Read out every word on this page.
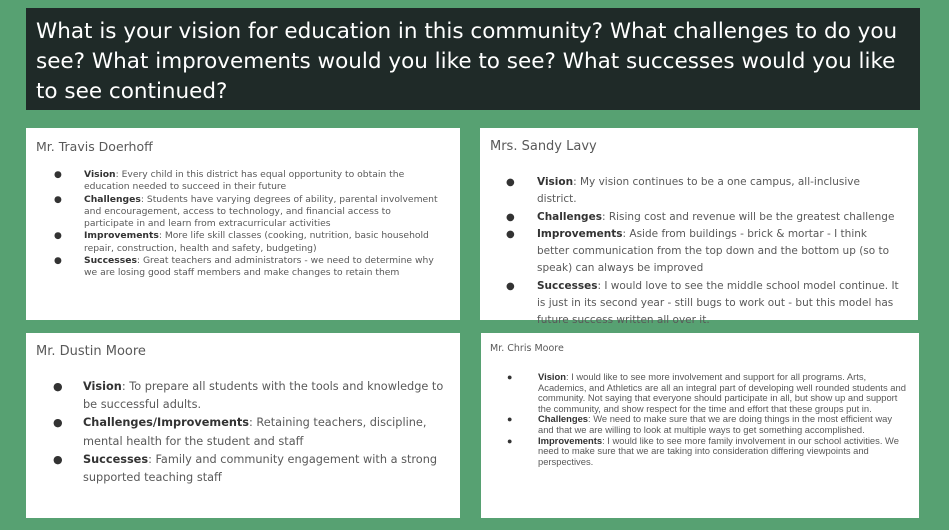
What is your vision for education in this community? What challenges to do you see? What improvements would you like to see? What successes would you like to see continued?

Mr. Travis Doerhoff

● Vision: Every child in this district has equal opportunity to obtain the education needed to succeed in their future
● Challenges: Students have varying degrees of ability, parental involvement and encouragement, access to technology, and financial access to participate in and learn from extracurricular activities
● Improvements: More life skill classes (cooking, nutrition, basic household repair, construction, health and safety, budgeting)
● Successes: Great teachers and administrators - we need to determine why we are losing good staff members and make changes to retain them

Mrs. Sandy Lavy

● Vision: My vision continues to be a one campus, all-inclusive district.
● Challenges: Rising cost and revenue will be the greatest challenge
● Improvements: Aside from buildings - brick & mortar - I think better communication from the top down and the bottom up (so to speak) can always be improved
● Successes: I would love to see the middle school model continue. It is just in its second year - still bugs to work out - but this model has future success written all over it.

Mr. Dustin Moore

● Vision: To prepare all students with the tools and knowledge to be successful adults.
● Challenges/Improvements: Retaining teachers, discipline, mental health for the student and staff
● Successes: Family and community engagement with a strong supported teaching staff

Mr. Chris Moore

●	Vision: I would like to see more involvement and support for all programs. Arts, Academics, and Athletics are all an integral part of developing well rounded students and community. Not saying that everyone should participate in all, but show up and support the community, and show respect for the time and effort that these groups put in.
●	Challenges: We need to make sure that we are doing things in the most efficient way and that we are willing to look at multiple ways to get something accomplished.
●	Improvements: I would like to see more family involvement in our school activities. We need to make sure that we are taking into consideration differing viewpoints and perspectives.
